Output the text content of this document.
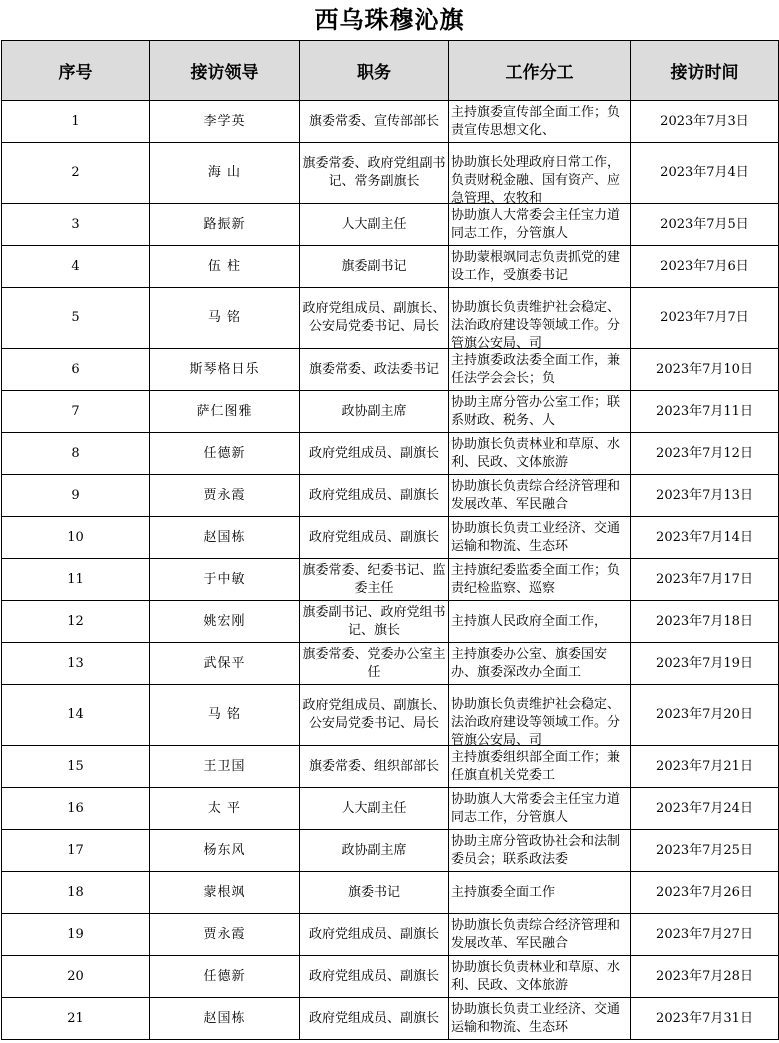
西乌珠穆沁旗
序号	接访领导	职务	工作分工	接访时间

1	李学英	旗委常委、宣传部部长	主持旗委宣传部全面工作；负责宣传思想文化、	2023年7月3日

2	海 山	旗委常委、政府党组副书记、常务副旗长	协助旗长处理政府日常工作，负责财税金融、国有资产、应急管理、农牧和	2023年7月4日

3	路振新	人大副主任	协助旗人大常委会主任宝力道同志工作，分管旗人	2023年7月5日

4	伍 柱	旗委副书记	协助蒙根飒同志负责抓党的建设工作，受旗委书记	2023年7月6日

5	马 铭	政府党组成员、副旗长、公安局党委书记、局长	协助旗长负责维护社会稳定、法治政府建设等领域工作。分管旗公安局、司	2023年7月7日

6	斯琴格日乐	旗委常委、政法委书记	主持旗委政法委全面工作，兼任法学会会长；负	2023年7月10日

7	萨仁图雅	政协副主席	协助主席分管办公室工作；联系财政、税务、人	2023年7月11日

8	任德新	政府党组成员、副旗长	协助旗长负责林业和草原、水利、民政、文体旅游	2023年7月12日

9	贾永霞	政府党组成员、副旗长	协助旗长负责综合经济管理和发展改革、军民融合	2023年7月13日

10	赵国栋	政府党组成员、副旗长	协助旗长负责工业经济、交通运输和物流、生态环	2023年7月14日

11	于中敏	旗委常委、纪委书记、监委主任	主持旗纪委监委全面工作；负责纪检监察、巡察	2023年7月17日

12	姚宏刚	旗委副书记、政府党组书记、旗长	主持旗人民政府全面工作，	2023年7月18日

13	武保平	旗委常委、党委办公室主任	主持旗委办公室、旗委国安办、旗委深改办全面工	2023年7月19日

14	马 铭	政府党组成员、副旗长、公安局党委书记、局长	协助旗长负责维护社会稳定、法治政府建设等领域工作。分管旗公安局、司	2023年7月20日

15	王卫国	旗委常委、组织部部长	主持旗委组织部全面工作；兼任旗直机关党委工	2023年7月21日

16	太 平	人大副主任	协助旗人大常委会主任宝力道同志工作，分管旗人	2023年7月24日

17	杨东风	政协副主席	协助主席分管政协社会和法制委员会；联系政法委	2023年7月25日

18	蒙根飒	旗委书记	主持旗委全面工作	2023年7月26日

19	贾永霞	政府党组成员、副旗长	协助旗长负责综合经济管理和发展改革、军民融合	2023年7月27日

20	任德新	政府党组成员、副旗长	协助旗长负责林业和草原、水利、民政、文体旅游	2023年7月28日

21	赵国栋	政府党组成员、副旗长	协助旗长负责工业经济、交通运输和物流、生态环	2023年7月31日
